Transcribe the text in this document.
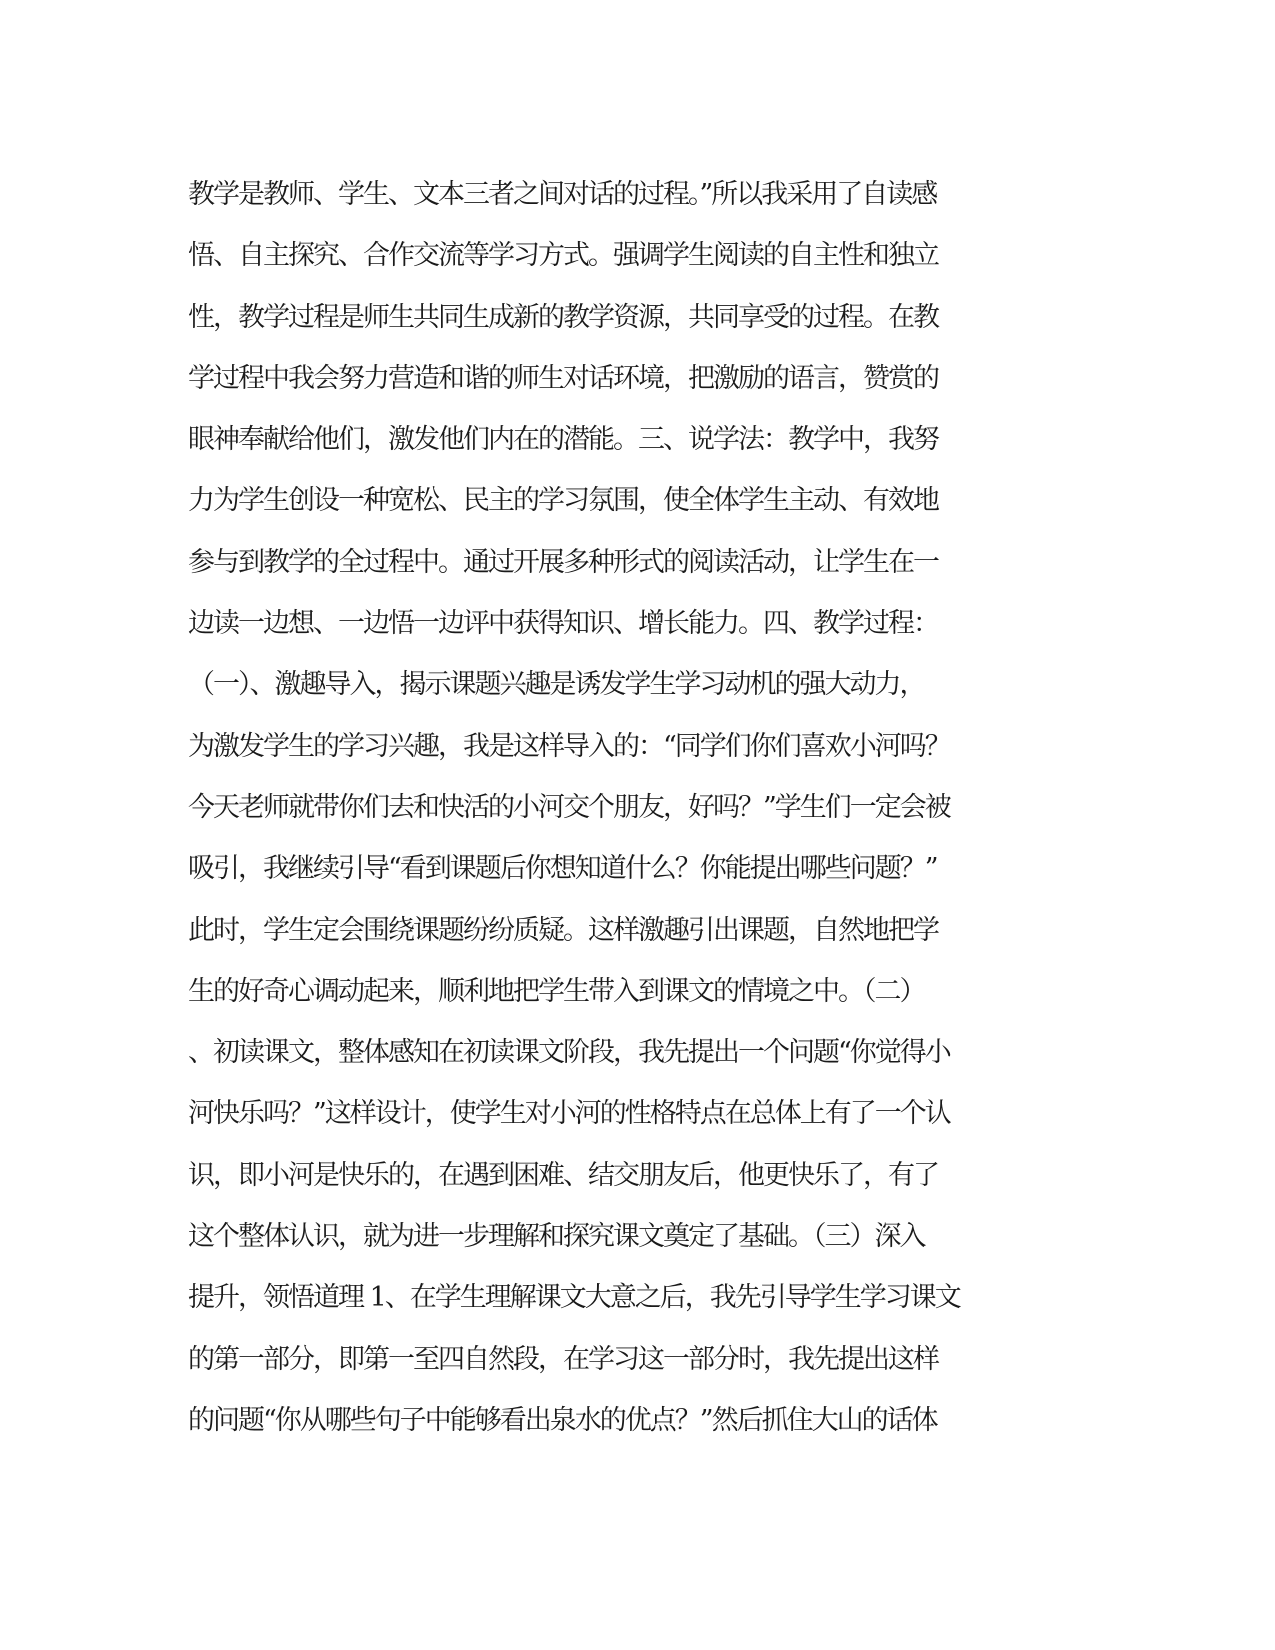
教学是教师、学生、文本三者之间对话的过程。”所以我采用了自读感
悟、自主探究、合作交流等学习方式。强调学生阅读的自主性和独立
性，教学过程是师生共同生成新的教学资源，共同享受的过程。在教
学过程中我会努力营造和谐的师生对话环境，把激励的语言，赞赏的
眼神奉献给他们，激发他们内在的潜能。三、说学法：教学中，我努
力为学生创设一种宽松、民主的学习氛围，使全体学生主动、有效地
参与到教学的全过程中。通过开展多种形式的阅读活动，让学生在一
边读一边想、一边悟一边评中获得知识、增长能力。四、教学过程：
（一）、激趣导入，揭示课题兴趣是诱发学生学习动机的强大动力，
为激发学生的学习兴趣，我是这样导入的：“同学们你们喜欢小河吗？
今天老师就带你们去和快活的小河交个朋友，好吗？”学生们一定会被
吸引，我继续引导“看到课题后你想知道什么？你能提出哪些问题？”
此时，学生定会围绕课题纷纷质疑。这样激趣引出课题，自然地把学
生的好奇心调动起来，顺利地把学生带入到课文的情境之中。（二）
、初读课文，整体感知在初读课文阶段，我先提出一个问题“你觉得小
河快乐吗？”这样设计，使学生对小河的性格特点在总体上有了一个认
识，即小河是快乐的，在遇到困难、结交朋友后，他更快乐了，有了
这个整体认识，就为进一步理解和探究课文奠定了基础。（三）深入
提升，领悟道理 1、在学生理解课文大意之后，我先引导学生学习课文
的第一部分，即第一至四自然段，在学习这一部分时，我先提出这样
的问题“你从哪些句子中能够看出泉水的优点？”然后抓住大山的话体
